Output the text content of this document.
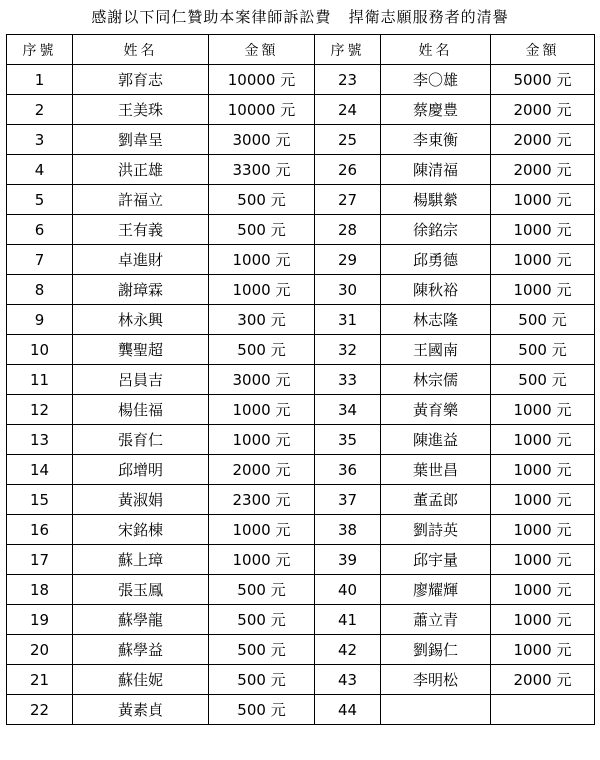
感謝以下同仁贊助本案律師訴訟費   捍衛志願服務者的清譽
序號	姓名	金額	序號	姓名	金額
1	郭育志	10000 元	23	李〇雄	5000 元
2	王美珠	10000 元	24	蔡慶豊	2000 元
3	劉韋呈	3000 元	25	李東衡	2000 元
4	洪正雄	3300 元	26	陳清福	2000 元
5	許福立	500 元	27	楊騏縈	1000 元
6	王有義	500 元	28	徐銘宗	1000 元
7	卓進財	1000 元	29	邱勇德	1000 元
8	謝璋霖	1000 元	30	陳秋裕	1000 元
9	林永興	300 元	31	林志隆	500 元
10	龔聖超	500 元	32	王國南	500 元
11	呂員吉	3000 元	33	林宗儒	500 元
12	楊佳福	1000 元	34	黃育樂	1000 元
13	張育仁	1000 元	35	陳進益	1000 元
14	邱增明	2000 元	36	葉世昌	1000 元
15	黃淑娟	2300 元	37	董孟郎	1000 元
16	宋銘棟	1000 元	38	劉詩英	1000 元
17	蘇上璋	1000 元	39	邱宇量	1000 元
18	張玉鳳	500 元	40	廖耀輝	1000 元
19	蘇學龍	500 元	41	蕭立青	1000 元
20	蘇學益	500 元	42	劉錫仁	1000 元
21	蘇佳妮	500 元	43	李明松	2000 元
22	黃素貞	500 元	44		
